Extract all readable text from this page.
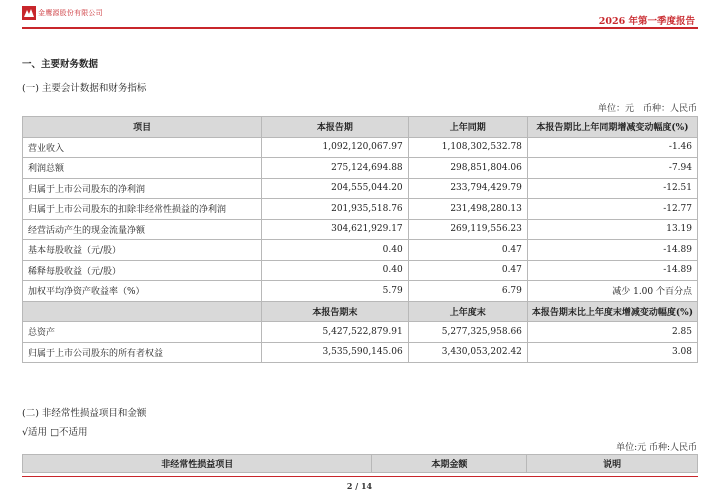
金鹰源股份有限公司
2026 年第一季度报告
一、主要财务数据
(一) 主要会计数据和财务指标
单位：元　币种：人民币
项目	本报告期	上年同期	本报告期比上年同期增减变动幅度(%)
营业收入	1,092,120,067.97	1,108,302,532.78	-1.46
利润总额	275,124,694.88	298,851,804.06	-7.94
归属于上市公司股东的净利润	204,555,044.20	233,794,429.79	-12.51
归属于上市公司股东的扣除非经常性损益的净利润	201,935,518.76	231,498,280.13	-12.77
经营活动产生的现金流量净额	304,621,929.17	269,119,556.23	13.19
基本每股收益（元/股）	0.40	0.47	-14.89
稀释每股收益（元/股）	0.40	0.47	-14.89
加权平均净资产收益率（%）	5.79	6.79	减少 1.00 个百分点
	本报告期末	上年度末	本报告期末比上年度末增减变动幅度(%)
总资产	5,427,522,879.91	5,277,325,958.66	2.85
归属于上市公司股东的所有者权益	3,535,590,145.06	3,430,053,202.42	3.08
(二) 非经常性损益项目和金额
√适用 □不适用
单位:元 币种:人民币
非经常性损益项目	本期金额	说明
2 / 14
